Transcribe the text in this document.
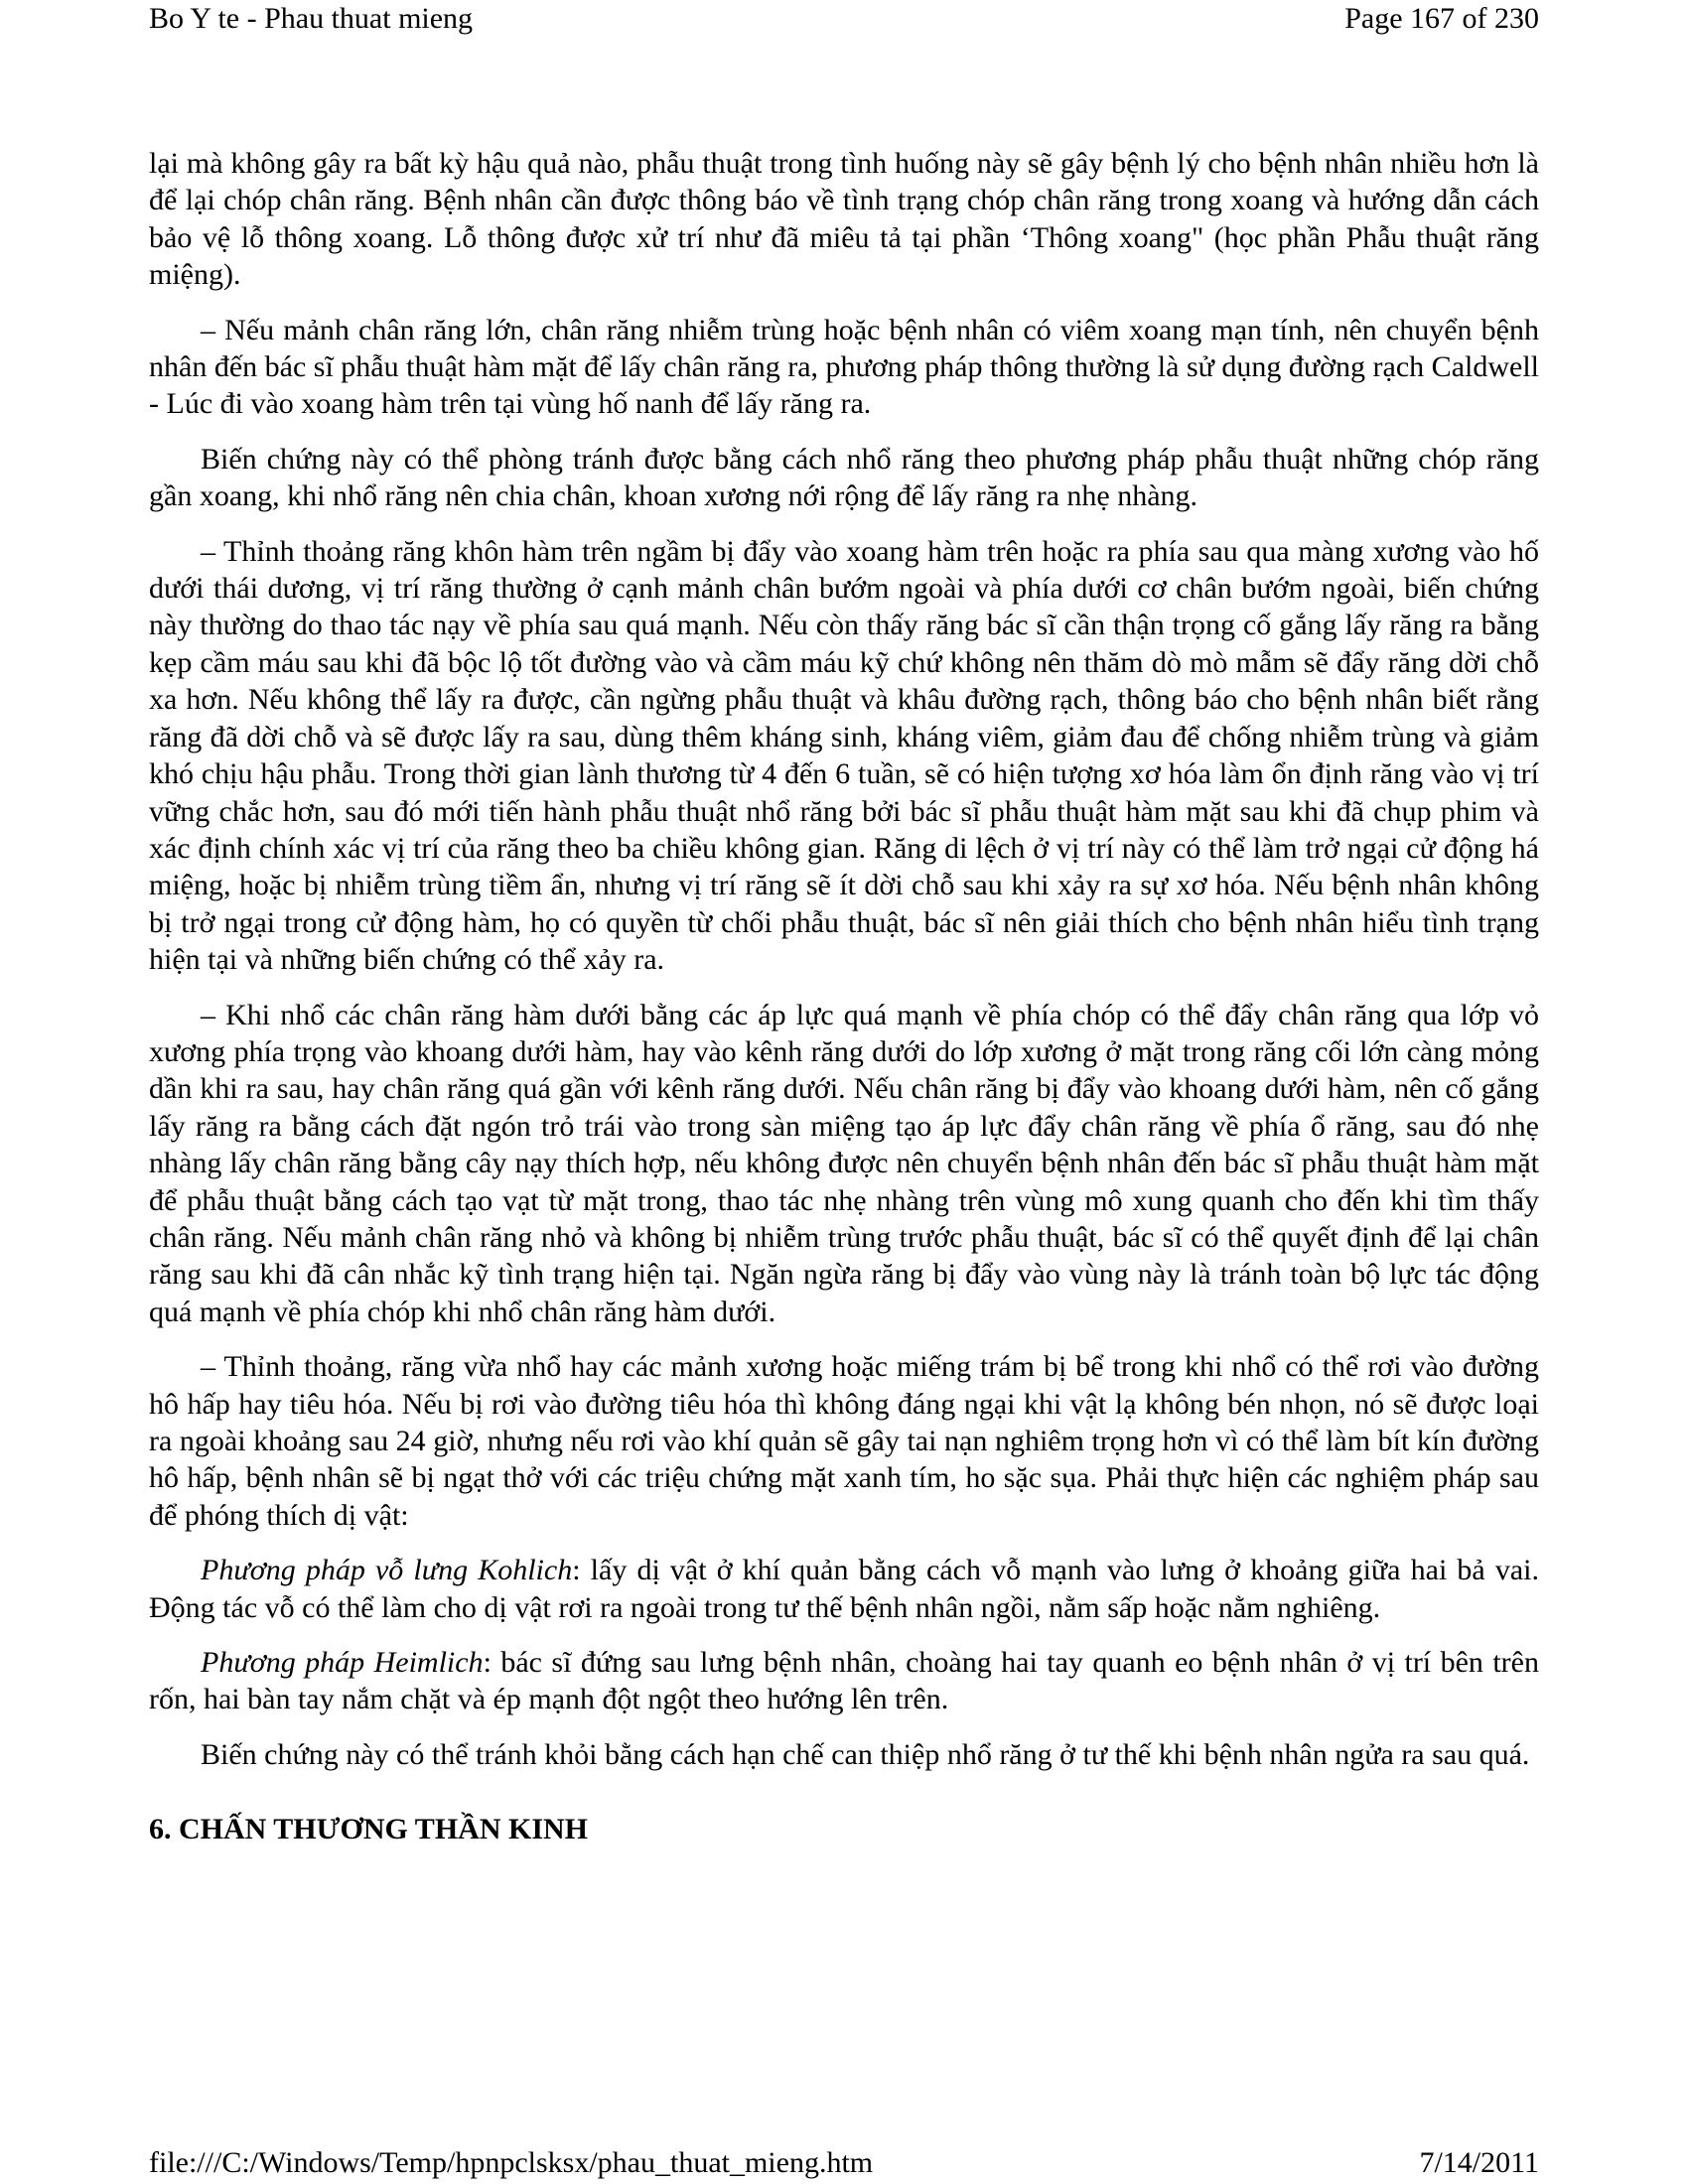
Bo Y te - Phau thuat mieng	Page 167 of 230

lại mà không gây ra bất kỳ hậu quả nào, phẫu thuật trong tình huống này sẽ gây bệnh lý cho bệnh nhân nhiều hơn là để lại chóp chân răng. Bệnh nhân cần được thông báo về tình trạng chóp chân răng trong xoang và hướng dẫn cách bảo vệ lỗ thông xoang. Lỗ thông được xử trí như đã miêu tả tại phần ‘Thông xoang" (học phần Phẫu thuật răng miệng).

– Nếu mảnh chân răng lớn, chân răng nhiễm trùng hoặc bệnh nhân có viêm xoang mạn tính, nên chuyển bệnh nhân đến bác sĩ phẫu thuật hàm mặt để lấy chân răng ra, phương pháp thông thường là sử dụng đường rạch Caldwell - Lúc đi vào xoang hàm trên tại vùng hố nanh để lấy răng ra.

Biến chứng này có thể phòng tránh được bằng cách nhổ răng theo phương pháp phẫu thuật những chóp răng gần xoang, khi nhổ răng nên chia chân, khoan xương nới rộng để lấy răng ra nhẹ nhàng.

– Thỉnh thoảng răng khôn hàm trên ngầm bị đẩy vào xoang hàm trên hoặc ra phía sau qua màng xương vào hố dưới thái dương, vị trí răng thường ở cạnh mảnh chân bướm ngoài và phía dưới cơ chân bướm ngoài, biến chứng này thường do thao tác nạy về phía sau quá mạnh. Nếu còn thấy răng bác sĩ cần thận trọng cố gắng lấy răng ra bằng kẹp cầm máu sau khi đã bộc lộ tốt đường vào và cầm máu kỹ chứ không nên thăm dò mò mẫm sẽ đẩy răng dời chỗ xa hơn. Nếu không thể lấy ra được, cần ngừng phẫu thuật và khâu đường rạch, thông báo cho bệnh nhân biết rằng răng đã dời chỗ và sẽ được lấy ra sau, dùng thêm kháng sinh, kháng viêm, giảm đau để chống nhiễm trùng và giảm khó chịu hậu phẫu. Trong thời gian lành thương từ 4 đến 6 tuần, sẽ có hiện tượng xơ hóa làm ổn định răng vào vị trí vững chắc hơn, sau đó mới tiến hành phẫu thuật nhổ răng bởi bác sĩ phẫu thuật hàm mặt sau khi đã chụp phim và xác định chính xác vị trí của răng theo ba chiều không gian. Răng di lệch ở vị trí này có thể làm trở ngại cử động há miệng, hoặc bị nhiễm trùng tiềm ẩn, nhưng vị trí răng sẽ ít dời chỗ sau khi xảy ra sự xơ hóa. Nếu bệnh nhân không bị trở ngại trong cử động hàm, họ có quyền từ chối phẫu thuật, bác sĩ nên giải thích cho bệnh nhân hiểu tình trạng hiện tại và những biến chứng có thể xảy ra.

– Khi nhổ các chân răng hàm dưới bằng các áp lực quá mạnh về phía chóp có thể đẩy chân răng qua lớp vỏ xương phía trọng vào khoang dưới hàm, hay vào kênh răng dưới do lớp xương ở mặt trong răng cối lớn càng mỏng dần khi ra sau, hay chân răng quá gần với kênh răng dưới. Nếu chân răng bị đẩy vào khoang dưới hàm, nên cố gắng lấy răng ra bằng cách đặt ngón trỏ trái vào trong sàn miệng tạo áp lực đẩy chân răng về phía ổ răng, sau đó nhẹ nhàng lấy chân răng bằng cây nạy thích hợp, nếu không được nên chuyển bệnh nhân đến bác sĩ phẫu thuật hàm mặt để phẫu thuật bằng cách tạo vạt từ mặt trong, thao tác nhẹ nhàng trên vùng mô xung quanh cho đến khi tìm thấy chân răng. Nếu mảnh chân răng nhỏ và không bị nhiễm trùng trước phẫu thuật, bác sĩ có thể quyết định để lại chân răng sau khi đã cân nhắc kỹ tình trạng hiện tại. Ngăn ngừa răng bị đẩy vào vùng này là tránh toàn bộ lực tác động quá mạnh về phía chóp khi nhổ chân răng hàm dưới.

– Thỉnh thoảng, răng vừa nhổ hay các mảnh xương hoặc miếng trám bị bể trong khi nhổ có thể rơi vào đường hô hấp hay tiêu hóa. Nếu bị rơi vào đường tiêu hóa thì không đáng ngại khi vật lạ không bén nhọn, nó sẽ được loại ra ngoài khoảng sau 24 giờ, nhưng nếu rơi vào khí quản sẽ gây tai nạn nghiêm trọng hơn vì có thể làm bít kín đường hô hấp, bệnh nhân sẽ bị ngạt thở với các triệu chứng mặt xanh tím, ho sặc sụa. Phải thực hiện các nghiệm pháp sau để phóng thích dị vật:

Phương pháp vỗ lưng Kohlich: lấy dị vật ở khí quản bằng cách vỗ mạnh vào lưng ở khoảng giữa hai bả vai. Động tác vỗ có thể làm cho dị vật rơi ra ngoài trong tư thế bệnh nhân ngồi, nằm sấp hoặc nằm nghiêng.

Phương pháp Heimlich: bác sĩ đứng sau lưng bệnh nhân, choàng hai tay quanh eo bệnh nhân ở vị trí bên trên rốn, hai bàn tay nắm chặt và ép mạnh đột ngột theo hướng lên trên.

Biến chứng này có thể tránh khỏi bằng cách hạn chế can thiệp nhổ răng ở tư thế khi bệnh nhân ngửa ra sau quá.

6. CHẤN THƯƠNG THẦN KINH
file:///C:/Windows/Temp/hpnpclsksx/phau_thuat_mieng.htm	7/14/2011
